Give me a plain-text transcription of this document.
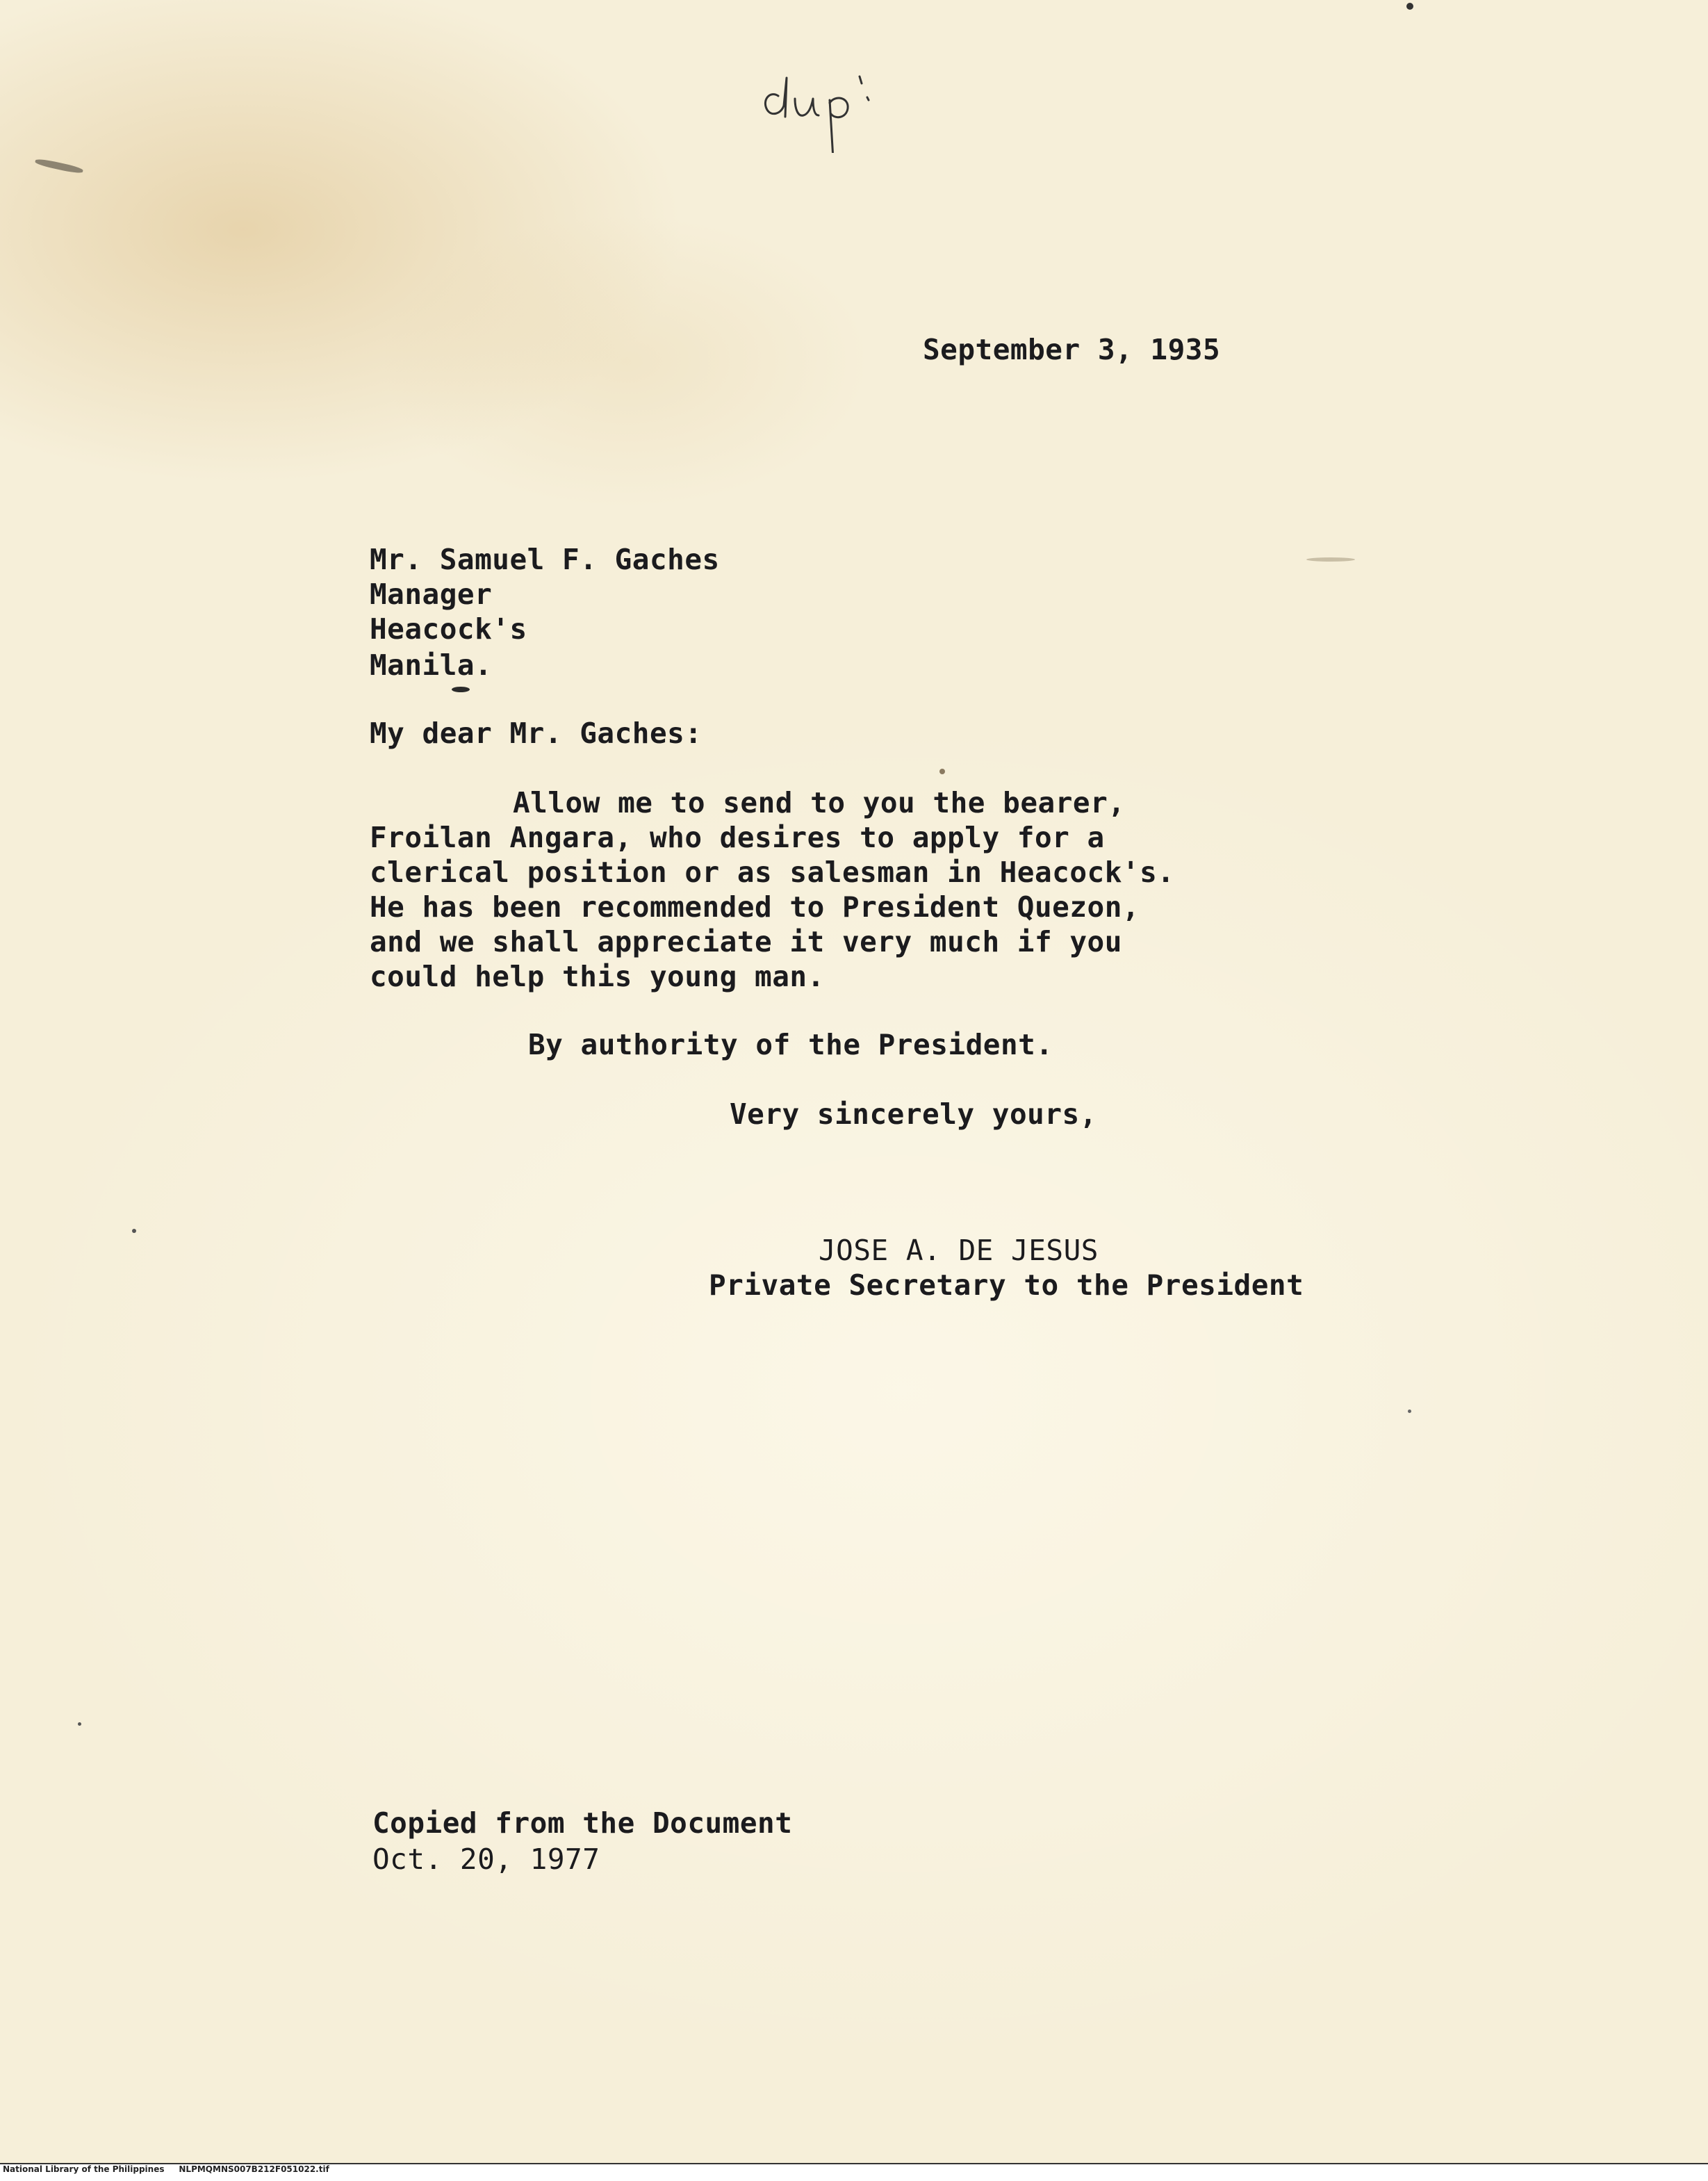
September 3, 1935
Mr. Samuel F. Gaches
Manager
Heacock's
Manila.
My dear Mr. Gaches:
Allow me to send to you the bearer,
Froilan Angara, who desires to apply for a
clerical position or as salesman in Heacock's.
He has been recommended to President Quezon,
and we shall appreciate it very much if you
could help this young man.
By authority of the President.
Very sincerely yours,
JOSE A. DE JESUS
Private Secretary to the President
Copied from the Document
Oct. 20, 1977
National Library of the Philippines NLPMQMNS007B212F051022.tif
